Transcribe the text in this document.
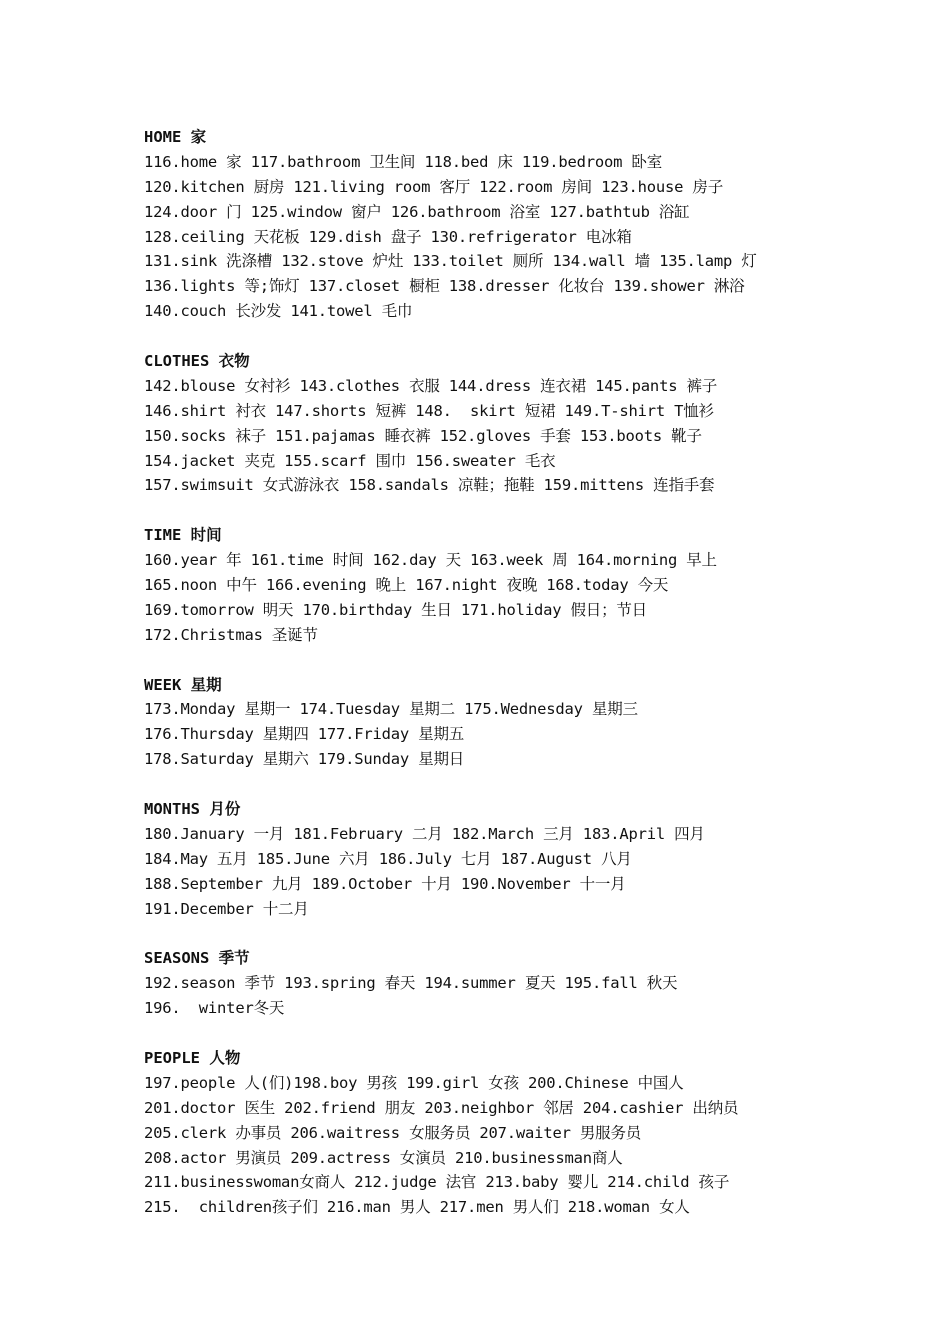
HOME 家
116.home 家 117.bathroom 卫生间 118.bed 床 119.bedroom 卧室
120.kitchen 厨房 121.living room 客厅 122.room 房间 123.house 房子
124.door 门 125.window 窗户 126.bathroom 浴室 127.bathtub 浴缸
128.ceiling 天花板 129.dish 盘子 130.refrigerator 电冰箱
131.sink 洗涤槽 132.stove 炉灶 133.toilet 厕所 134.wall 墙 135.lamp 灯
136.lights 等;饰灯 137.closet 橱柜 138.dresser 化妆台 139.shower 淋浴
140.couch 长沙发 141.towel 毛巾
CLOTHES 衣物
142.blouse 女衬衫 143.clothes 衣服 144.dress 连衣裙 145.pants 裤子
146.shirt 衬衣 147.shorts 短裤 148.  skirt 短裙 149.T-shirt T恤衫
150.socks 袜子 151.pajamas 睡衣裤 152.gloves 手套 153.boots 靴子
154.jacket 夹克 155.scarf 围巾 156.sweater 毛衣
157.swimsuit 女式游泳衣 158.sandals 凉鞋；拖鞋 159.mittens 连指手套
TIME 时间
160.year 年 161.time 时间 162.day 天 163.week 周 164.morning 早上
165.noon 中午 166.evening 晚上 167.night 夜晚 168.today 今天
169.tomorrow 明天 170.birthday 生日 171.holiday 假日；节日
172.Christmas 圣诞节
WEEK 星期
173.Monday 星期一 174.Tuesday 星期二 175.Wednesday 星期三
176.Thursday 星期四 177.Friday 星期五
178.Saturday 星期六 179.Sunday 星期日
MONTHS 月份
180.January 一月 181.February 二月 182.March 三月 183.April 四月
184.May 五月 185.June 六月 186.July 七月 187.August 八月
188.September 九月 189.October 十月 190.November 十一月
191.December 十二月
SEASONS 季节
192.season 季节 193.spring 春天 194.summer 夏天 195.fall 秋天
196.  winter冬天
PEOPLE 人物
197.people 人(们)198.boy 男孩 199.girl 女孩 200.Chinese 中国人
201.doctor 医生 202.friend 朋友 203.neighbor 邻居 204.cashier 出纳员
205.clerk 办事员 206.waitress 女服务员 207.waiter 男服务员
208.actor 男演员 209.actress 女演员 210.businessman商人
211.businesswoman女商人 212.judge 法官 213.baby 婴儿 214.child 孩子
215.  children孩子们 216.man 男人 217.men 男人们 218.woman 女人
